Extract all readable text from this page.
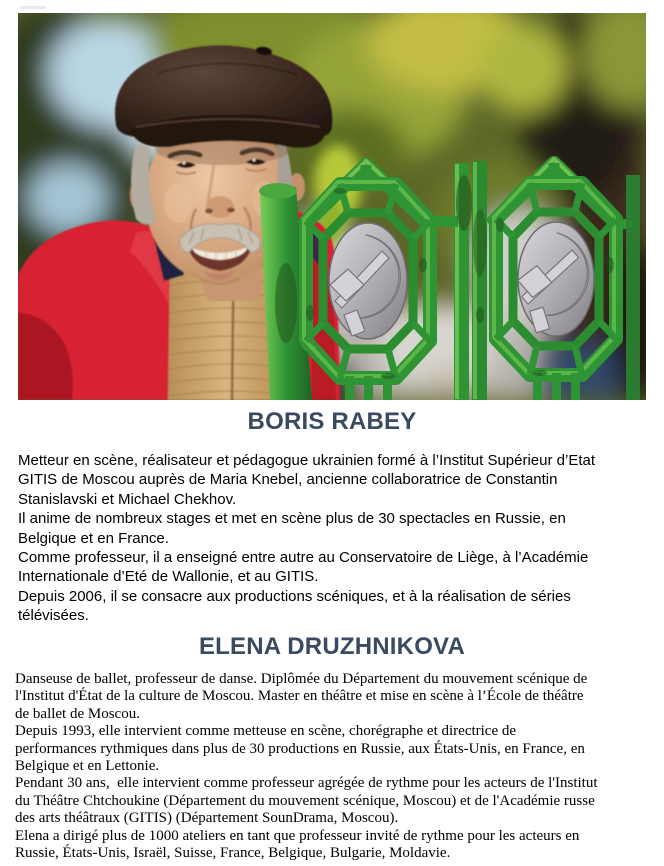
BORIS RABEY
Metteur en scène, réalisateur et pédagogue ukrainien formé à l’Institut Supérieur d’Etat
GITIS de Moscou auprès de Maria Knebel, ancienne collaboratrice de Constantin
Stanislavski et Michael Chekhov.
Il anime de nombreux stages et met en scène plus de 30 spectacles en Russie, en
Belgique et en France.
Comme professeur, il a enseigné entre autre au Conservatoire de Liège, à l’Académie
Internationale d’Eté de Wallonie, et au GITIS.
Depuis 2006, il se consacre aux productions scéniques, et à la réalisation de séries
télévisées.
ELENA DRUZHNIKOVA
Danseuse de ballet, professeur de danse. Diplômée du Département du mouvement scénique de
l'Institut d'État de la culture de Moscou. Master en théâtre et mise en scène à l’École de théâtre
de ballet de Moscou.
Depuis 1993, elle intervient comme metteuse en scène, chorégraphe et directrice de
performances rythmiques dans plus de 30 productions en Russie, aux États-Unis, en France, en
Belgique et en Lettonie.
Pendant 30 ans,  elle intervient comme professeur agrégée de rythme pour les acteurs de l'Institut
du Théâtre Chtchoukine (Département du mouvement scénique, Moscou) et de l'Académie russe
des arts théâtraux (GITIS) (Département SounDrama, Moscou).
Elena a dirigé plus de 1000 ateliers en tant que professeur invité de rythme pour les acteurs en
Russie, États-Unis, Israël, Suisse, France, Belgique, Bulgarie, Moldavie.
